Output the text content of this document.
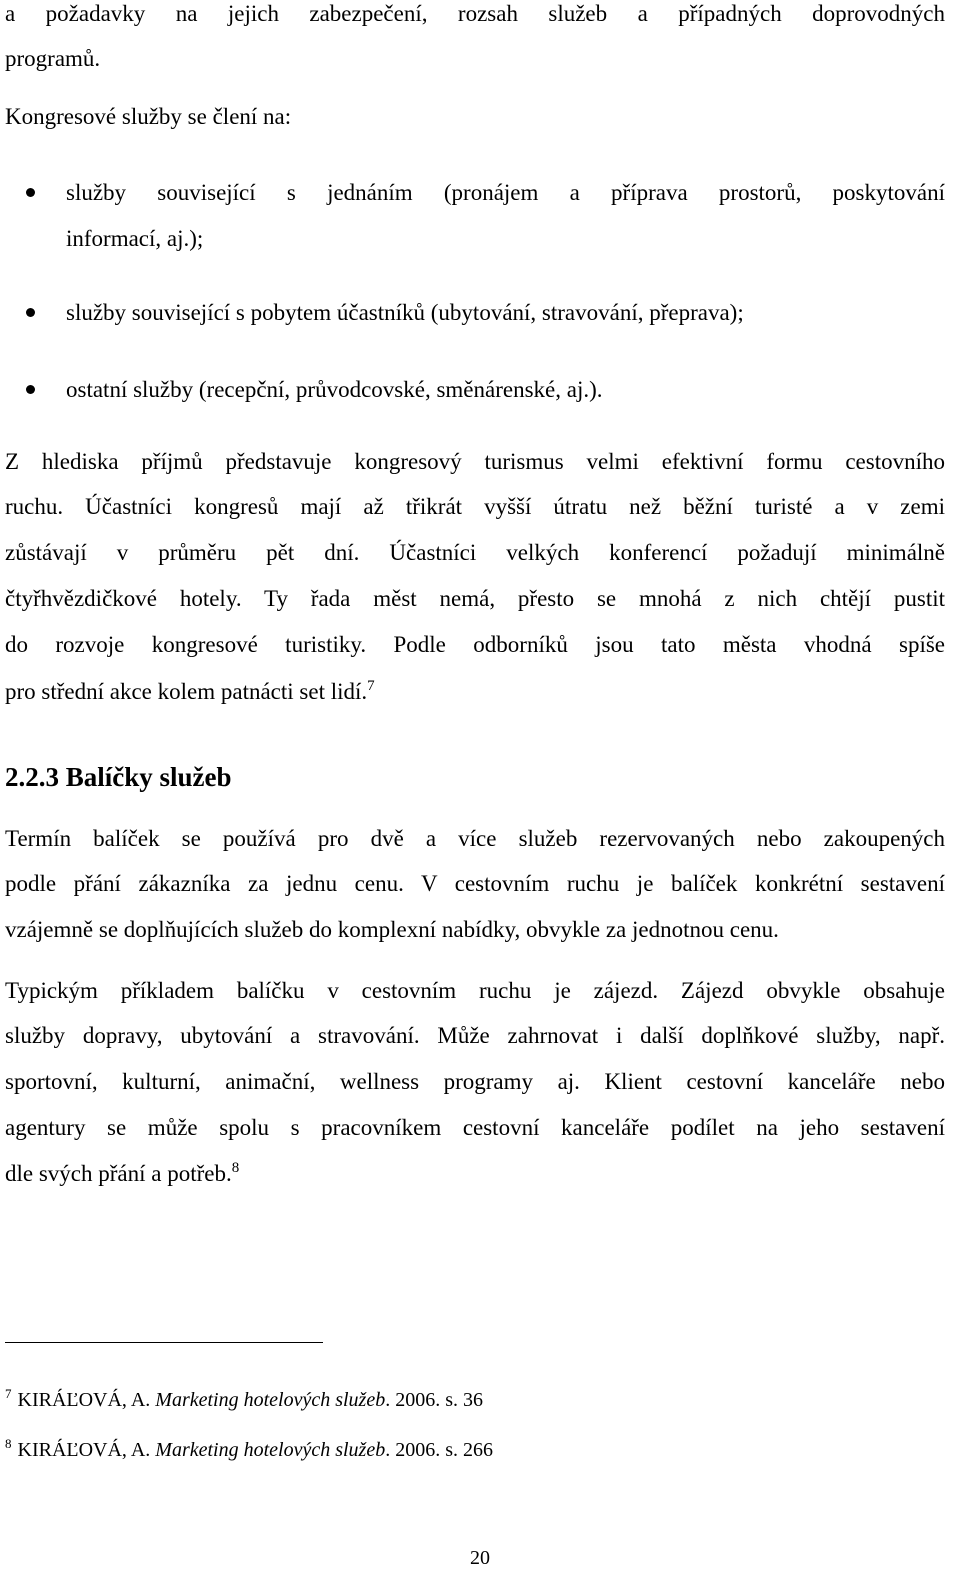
a požadavky na jejich zabezpečení, rozsah služeb a případných doprovodných
programů.
Kongresové služby se člení na:
služby související s jednáním (pronájem a příprava prostorů, poskytování
informací, aj.);
služby související s pobytem účastníků (ubytování, stravování, přeprava);
ostatní služby (recepční, průvodcovské, směnárenské, aj.).
Z hlediska příjmů představuje kongresový turismus velmi efektivní formu cestovního
ruchu. Účastníci kongresů mají až třikrát vyšší útratu než běžní turisté a v zemi
zůstávají v průměru pět dní. Účastníci velkých konferencí požadují minimálně
čtyřhvězdičkové hotely. Ty řada měst nemá, přesto se mnohá z nich chtějí pustit
do rozvoje kongresové turistiky. Podle odborníků jsou tato města vhodná spíše
pro střední akce kolem patnácti set lidí.$^7$
2.2.3 Balíčky služeb
Termín balíček se používá pro dvě a více služeb rezervovaných nebo zakoupených
podle přání zákazníka za jednu cenu. V cestovním ruchu je balíček konkrétní sestavení
vzájemně se doplňujících služeb do komplexní nabídky, obvykle za jednotnou cenu.
Typickým příkladem balíčku v cestovním ruchu je zájezd. Zájezd obvykle obsahuje
služby dopravy, ubytování a stravování. Může zahrnovat i další doplňkové služby, např.
sportovní, kulturní, animační, wellness programy aj. Klient cestovní kanceláře nebo
agentury se může spolu s pracovníkem cestovní kanceláře podílet na jeho sestavení
dle svých přání a potřeb.$^8$
$^7$ KIRÁĽOVÁ, A. Marketing hotelových služeb. 2006. s. 36
$^8$ KIRÁĽOVÁ, A. Marketing hotelových služeb. 2006. s. 266
20
